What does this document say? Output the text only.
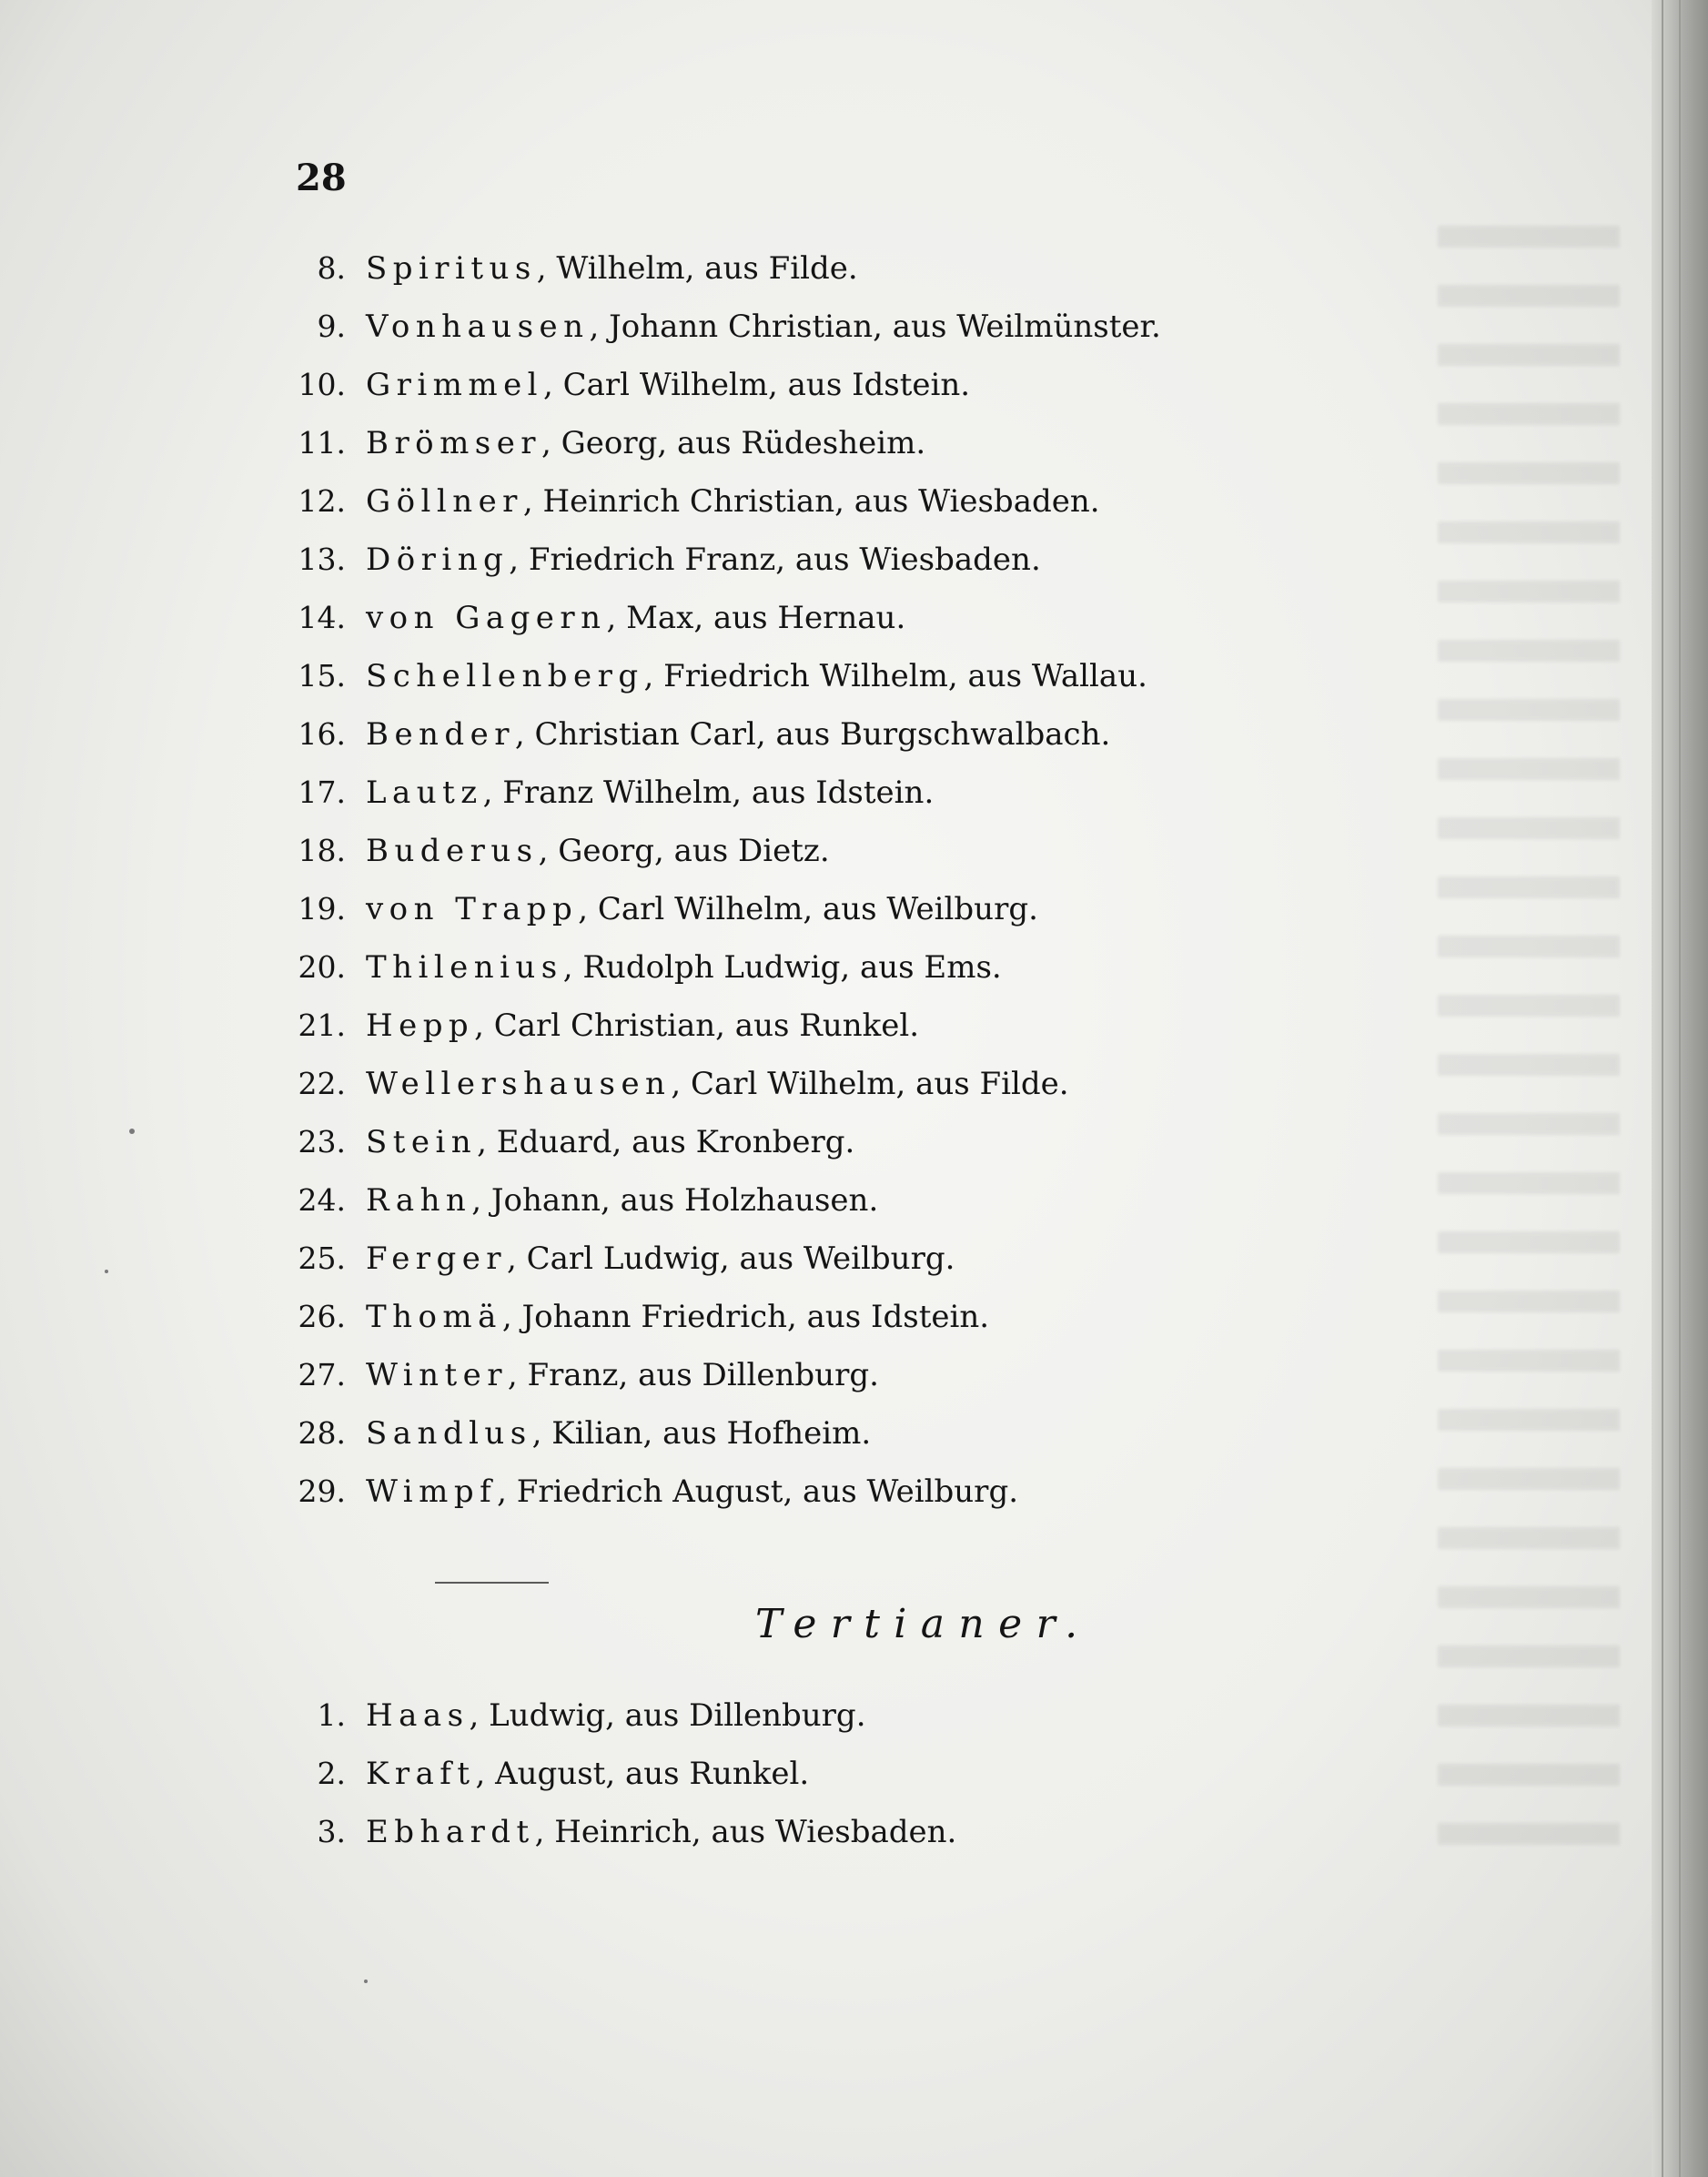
28
8. Spiritus, Wilhelm, aus Filde.
9. Vonhausen, Johann Christian, aus Weilmünster.
10. Grimmel, Carl Wilhelm, aus Idstein.
11. Brömser, Georg, aus Rüdesheim.
12. Göllner, Heinrich Christian, aus Wiesbaden.
13. Döring, Friedrich Franz, aus Wiesbaden.
14. von Gagern, Max, aus Hernau.
15. Schellenberg, Friedrich Wilhelm, aus Wallau.
16. Bender, Christian Carl, aus Burgschwalbach.
17. Lautz, Franz Wilhelm, aus Idstein.
18. Buderus, Georg, aus Dietz.
19. von Trapp, Carl Wilhelm, aus Weilburg.
20. Thilenius, Rudolph Ludwig, aus Ems.
21. Hepp, Carl Christian, aus Runkel.
22. Wellershausen, Carl Wilhelm, aus Filde.
23. Stein, Eduard, aus Kronberg.
24. Rahn, Johann, aus Holzhausen.
25. Ferger, Carl Ludwig, aus Weilburg.
26. Thomä, Johann Friedrich, aus Idstein.
27. Winter, Franz, aus Dillenburg.
28. Sandlus, Kilian, aus Hofheim.
29. Wimpf, Friedrich August, aus Weilburg.
Tertianer.
1. Haas, Ludwig, aus Dillenburg.
2. Kraft, August, aus Runkel.
3. Ebhardt, Heinrich, aus Wiesbaden.
